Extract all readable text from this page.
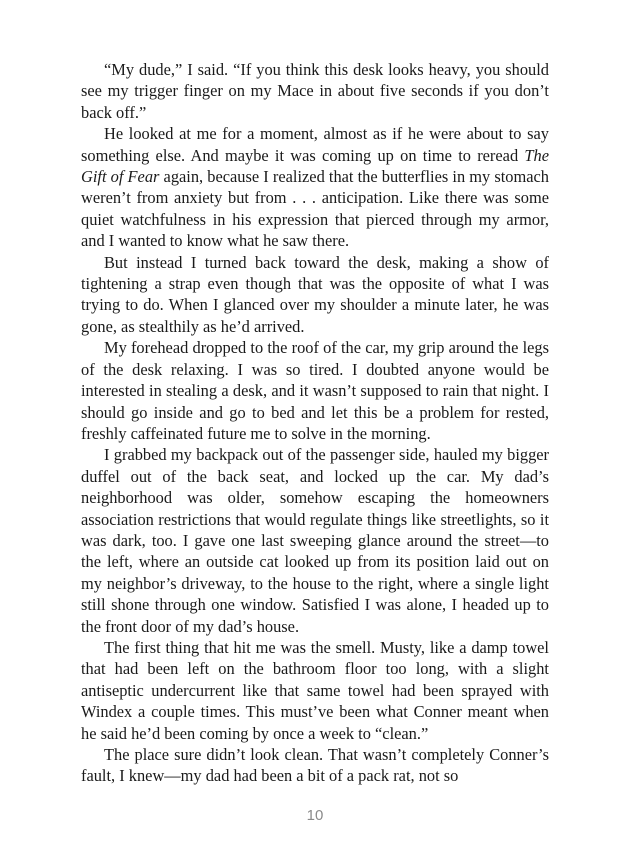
“My dude,” I said. “If you think this desk looks heavy, you should see my trigger finger on my Mace in about five seconds if you don’t back off.”

He looked at me for a moment, almost as if he were about to say something else. And maybe it was coming up on time to reread The Gift of Fear again, because I realized that the butterflies in my stomach weren’t from anxiety but from . . . anticipation. Like there was some quiet watchfulness in his expression that pierced through my armor, and I wanted to know what he saw there.

But instead I turned back toward the desk, making a show of tightening a strap even though that was the opposite of what I was trying to do. When I glanced over my shoulder a minute later, he was gone, as stealthily as he’d arrived.

My forehead dropped to the roof of the car, my grip around the legs of the desk relaxing. I was so tired. I doubted anyone would be interested in stealing a desk, and it wasn’t supposed to rain that night. I should go inside and go to bed and let this be a problem for rested, freshly caffeinated future me to solve in the morning.

I grabbed my backpack out of the passenger side, hauled my bigger duffel out of the back seat, and locked up the car. My dad’s neighborhood was older, somehow escaping the homeowners association restrictions that would regulate things like streetlights, so it was dark, too. I gave one last sweeping glance around the street—to the left, where an outside cat looked up from its position laid out on my neighbor’s driveway, to the house to the right, where a single light still shone through one window. Satisfied I was alone, I headed up to the front door of my dad’s house.

The first thing that hit me was the smell. Musty, like a damp towel that had been left on the bathroom floor too long, with a slight antiseptic undercurrent like that same towel had been sprayed with Windex a couple times. This must’ve been what Conner meant when he said he’d been coming by once a week to “clean.”

The place sure didn’t look clean. That wasn’t completely Conner’s fault, I knew—my dad had been a bit of a pack rat, not so

10
